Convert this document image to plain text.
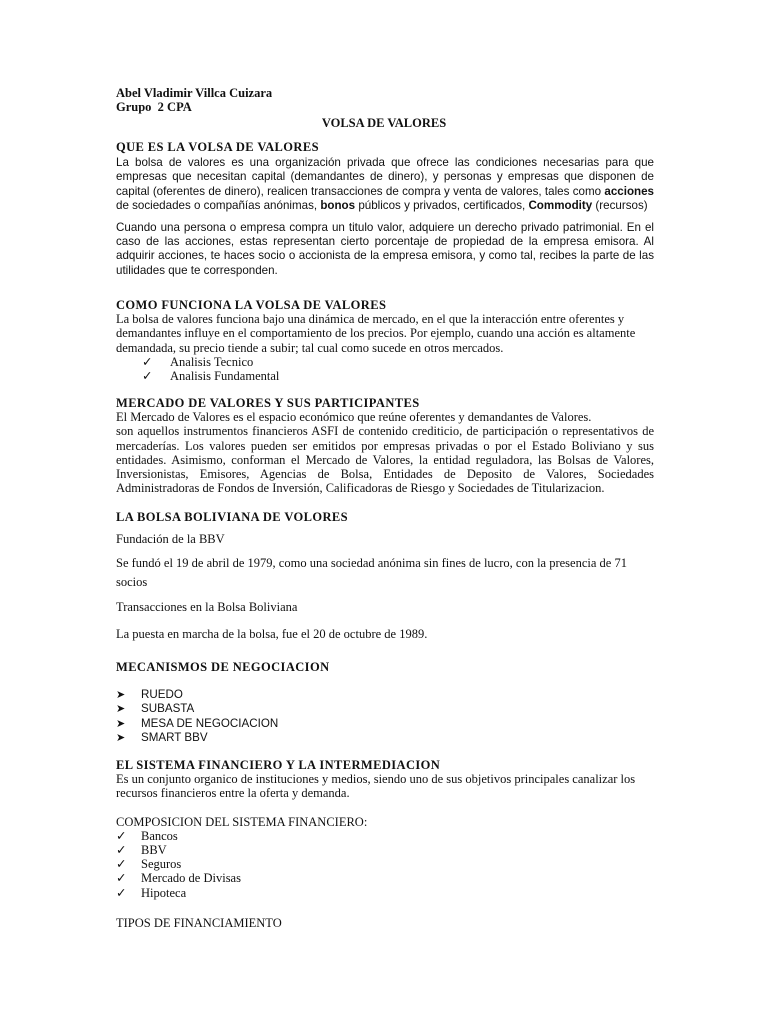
Abel Vladimir Villca Cuizara
Grupo  2 CPA
VOLSA DE VALORES
QUE ES LA VOLSA DE VALORES

La bolsa de valores es una organización privada que ofrece las condiciones necesarias para que empresas que necesitan capital (demandantes de dinero), y personas y empresas que disponen de capital (oferentes de dinero), realicen transacciones de compra y venta de valores, tales como acciones de sociedades o compañías anónimas, bonos públicos y privados, certificados, Commodity (recursos)

Cuando una persona o empresa compra un titulo valor, adquiere un derecho privado patrimonial. En el caso de las acciones, estas representan cierto porcentaje de propiedad de la empresa emisora. Al adquirir acciones, te haces socio o accionista de la empresa emisora, y como tal, recibes la parte de las utilidades que te corresponden.

COMO FUNCIONA LA VOLSA DE VALORES

La bolsa de valores funciona bajo una dinámica de mercado, en el que la interacción entre oferentes y demandantes influye en el comportamiento de los precios. Por ejemplo, cuando una acción es altamente demandada, su precio tiende a subir; tal cual como sucede en otros mercados.

✓ Analisis Tecnico
✓ Analisis Fundamental
MERCADO DE VALORES Y SUS PARTICIPANTES

El Mercado de Valores es el espacio económico que reúne oferentes y demandantes de Valores.

son aquellos instrumentos financieros ASFI de contenido crediticio, de participación o representativos de mercaderías. Los valores pueden ser emitidos por empresas privadas o por el Estado Boliviano y sus entidades. Asimismo, conforman el Mercado de Valores, la entidad reguladora, las Bolsas de Valores, Inversionistas, Emisores, Agencias de Bolsa, Entidades de Deposito de Valores, Sociedades Administradoras de Fondos de Inversión, Calificadoras de Riesgo y Sociedades de Titularizacion.

LA BOLSA BOLIVIANA DE VOLORES

Fundación de la BBV

Se fundó el 19 de abril de 1979, como una sociedad anónima sin fines de lucro, con la presencia de 71 socios

Transacciones en la Bolsa Boliviana

La puesta en marcha de la bolsa, fue el 20 de octubre de 1989.

MECANISMOS DE NEGOCIACION
➤ RUEDO
➤ SUBASTA
➤ MESA DE NEGOCIACION
➤ SMART BBV
EL SISTEMA FINANCIERO Y LA INTERMEDIACION

Es un conjunto organico de instituciones y medios, siendo uno de sus objetivos principales canalizar los recursos financieros entre la oferta y demanda.

COMPOSICION DEL SISTEMA FINANCIERO:

✓ Bancos
✓ BBV
✓ Seguros
✓ Mercado de Divisas
✓ Hipoteca

TIPOS DE FINANCIAMIENTO
